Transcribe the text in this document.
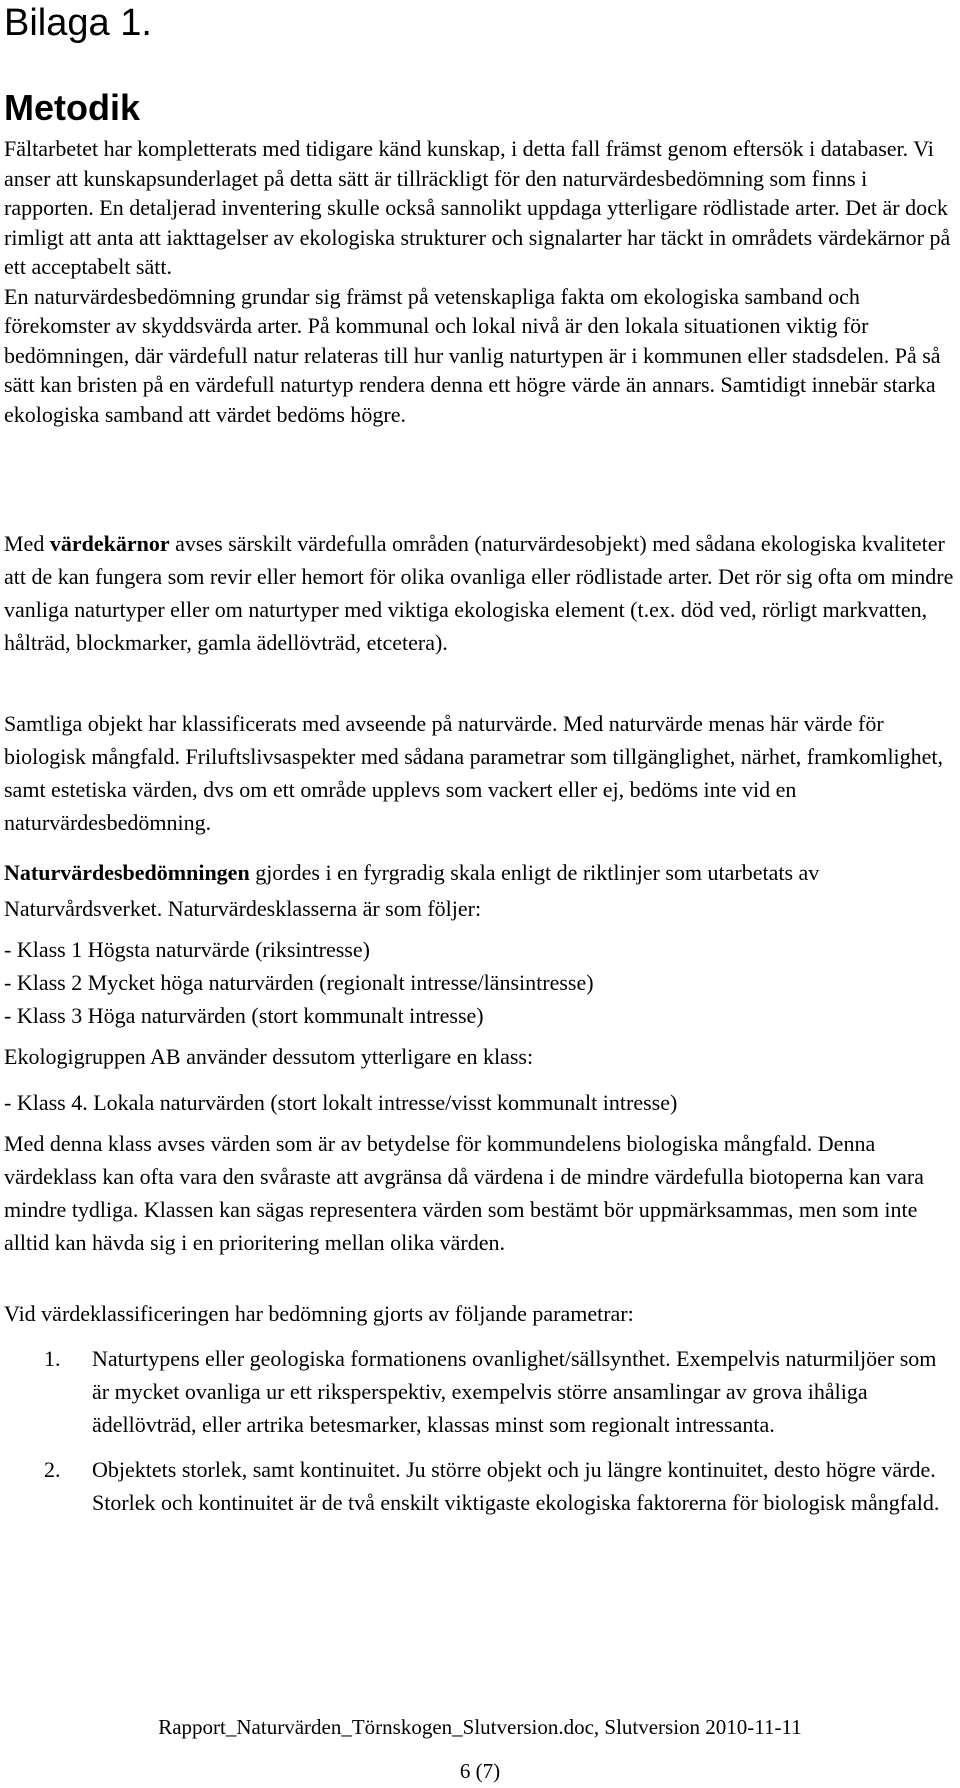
Bilaga 1.
Metodik

Fältarbetet har kompletterats med tidigare känd kunskap, i detta fall främst genom eftersök i databaser. Vi anser att kunskapsunderlaget på detta sätt är tillräckligt för den naturvärdesbedömning som finns i rapporten. En detaljerad inventering skulle också sannolikt uppdaga ytterligare rödlistade arter. Det är dock rimligt att anta att iakttagelser av ekologiska strukturer och signalarter har täckt in områdets värdekärnor på ett acceptabelt sätt.

En naturvärdesbedömning grundar sig främst på vetenskapliga fakta om ekologiska samband och förekomster av skyddsvärda arter. På kommunal och lokal nivå är den lokala situationen viktig för bedömningen, där värdefull natur relateras till hur vanlig naturtypen är i kommunen eller stadsdelen. På så sätt kan bristen på en värdefull naturtyp rendera denna ett högre värde än annars. Samtidigt innebär starka ekologiska samband att värdet bedöms högre.

Med värdekärnor avses särskilt värdefulla områden (naturvärdesobjekt) med sådana ekologiska kvaliteter att de kan fungera som revir eller hemort för olika ovanliga eller rödlistade arter. Det rör sig ofta om mindre vanliga naturtyper eller om naturtyper med viktiga ekologiska element (t.ex. död ved, rörligt markvatten, hålträd, blockmarker, gamla ädellövträd, etcetera).

Samtliga objekt har klassificerats med avseende på naturvärde. Med naturvärde menas här värde för biologisk mångfald. Friluftslivsaspekter med sådana parametrar som tillgänglighet, närhet, framkomlighet, samt estetiska värden, dvs om ett område upplevs som vackert eller ej, bedöms inte vid en naturvärdesbedömning.

Naturvärdesbedömningen gjordes i en fyrgradig skala enligt de riktlinjer som utarbetats av Naturvårdsverket. Naturvärdesklasserna är som följer:

- Klass 1 Högsta naturvärde (riksintresse)

- Klass 2 Mycket höga naturvärden (regionalt intresse/länsintresse)

- Klass 3 Höga naturvärden (stort kommunalt intresse)

Ekologigruppen AB använder dessutom ytterligare en klass:

- Klass 4. Lokala naturvärden (stort lokalt intresse/visst kommunalt intresse)

Med denna klass avses värden som är av betydelse för kommundelens biologiska mångfald. Denna värdeklass kan ofta vara den svåraste att avgränsa då värdena i de mindre värdefulla biotoperna kan vara mindre tydliga. Klassen kan sägas representera värden som bestämt bör uppmärksammas, men som inte alltid kan hävda sig i en prioritering mellan olika värden.

Vid värdeklassificeringen har bedömning gjorts av följande parametrar:

1. Naturtypens eller geologiska formationens ovanlighet/sällsynthet. Exempelvis naturmiljöer som är mycket ovanliga ur ett riksperspektiv, exempelvis större ansamlingar av grova ihåliga ädellövträd, eller artrika betesmarker, klassas minst som regionalt intressanta.
2. Objektets storlek, samt kontinuitet. Ju större objekt och ju längre kontinuitet, desto högre värde. Storlek och kontinuitet är de två enskilt viktigaste ekologiska faktorerna för biologisk mångfald.
Rapport_Naturvärden_Törnskogen_Slutversion.doc, Slutversion 2010-11-11
6 (7)
